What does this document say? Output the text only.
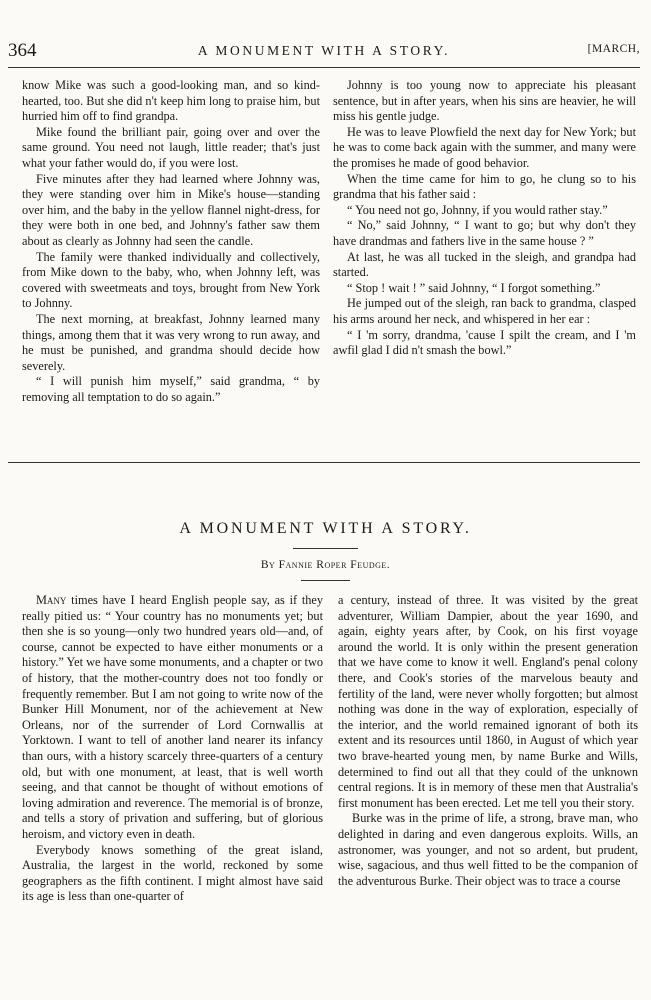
364	A MONUMENT WITH A STORY.	[MARCH,

know Mike was such a good-looking man, and so kind-hearted, too. But she did n't keep him long to praise him, but hurried him off to find grandpa.

Mike found the brilliant pair, going over and over the same ground. You need not laugh, little reader; that's just what your father would do, if you were lost.

Five minutes after they had learned where Johnny was, they were standing over him in Mike's house—standing over him, and the baby in the yellow flannel night-dress, for they were both in one bed, and Johnny's father saw them about as clearly as Johnny had seen the candle.

The family were thanked individually and collectively, from Mike down to the baby, who, when Johnny left, was covered with sweetmeats and toys, brought from New York to Johnny.

The next morning, at breakfast, Johnny learned many things, among them that it was very wrong to run away, and he must be punished, and grandma should decide how severely.

“ I will punish him myself,” said grandma, “ by removing all temptation to do so again.”

Johnny is too young now to appreciate his pleasant sentence, but in after years, when his sins are heavier, he will miss his gentle judge.

He was to leave Plowfield the next day for New York; but he was to come back again with the summer, and many were the promises he made of good behavior.

When the time came for him to go, he clung so to his grandma that his father said :

“ You need not go, Johnny, if you would rather stay.”

“ No,” said Johnny, “ I want to go; but why don't they have drandmas and fathers live in the same house ? ”

At last, he was all tucked in the sleigh, and grandpa had started.

“ Stop ! wait ! ” said Johnny, “ I forgot something.”

He jumped out of the sleigh, ran back to grandma, clasped his arms around her neck, and whispered in her ear :

“ I 'm sorry, drandma, 'cause I spilt the cream, and I 'm awfil glad I did n't smash the bowl.”

A MONUMENT WITH A STORY.
By Fannie Roper Feudge.

Many times have I heard English people say, as if they really pitied us: “ Your country has no monuments yet; but then she is so young—only two hundred years old—and, of course, cannot be expected to have either monuments or a history.” Yet we have some monuments, and a chapter or two of history, that the mother-country does not too fondly or frequently remember. But I am not going to write now of the Bunker Hill Monument, nor of the achievement at New Orleans, nor of the surrender of Lord Cornwallis at Yorktown. I want to tell of another land nearer its infancy than ours, with a history scarcely three-quarters of a century old, but with one monument, at least, that is well worth seeing, and that cannot be thought of without emotions of loving admiration and reverence. The memorial is of bronze, and tells a story of privation and suffering, but of glorious heroism, and victory even in death.

Everybody knows something of the great island, Australia, the largest in the world, reckoned by some geographers as the fifth continent. I might almost have said its age is less than one-quarter of

a century, instead of three. It was visited by the great adventurer, William Dampier, about the year 1690, and again, eighty years after, by Cook, on his first voyage around the world. It is only within the present generation that we have come to know it well. England's penal colony there, and Cook's stories of the marvelous beauty and fertility of the land, were never wholly forgotten; but almost nothing was done in the way of exploration, especially of the interior, and the world remained ignorant of both its extent and its resources until 1860, in August of which year two brave-hearted young men, by name Burke and Wills, determined to find out all that they could of the unknown central regions. It is in memory of these men that Australia's first monument has been erected. Let me tell you their story.

Burke was in the prime of life, a strong, brave man, who delighted in daring and even dangerous exploits. Wills, an astronomer, was younger, and not so ardent, but prudent, wise, sagacious, and thus well fitted to be the companion of the adventurous Burke. Their object was to trace a course
